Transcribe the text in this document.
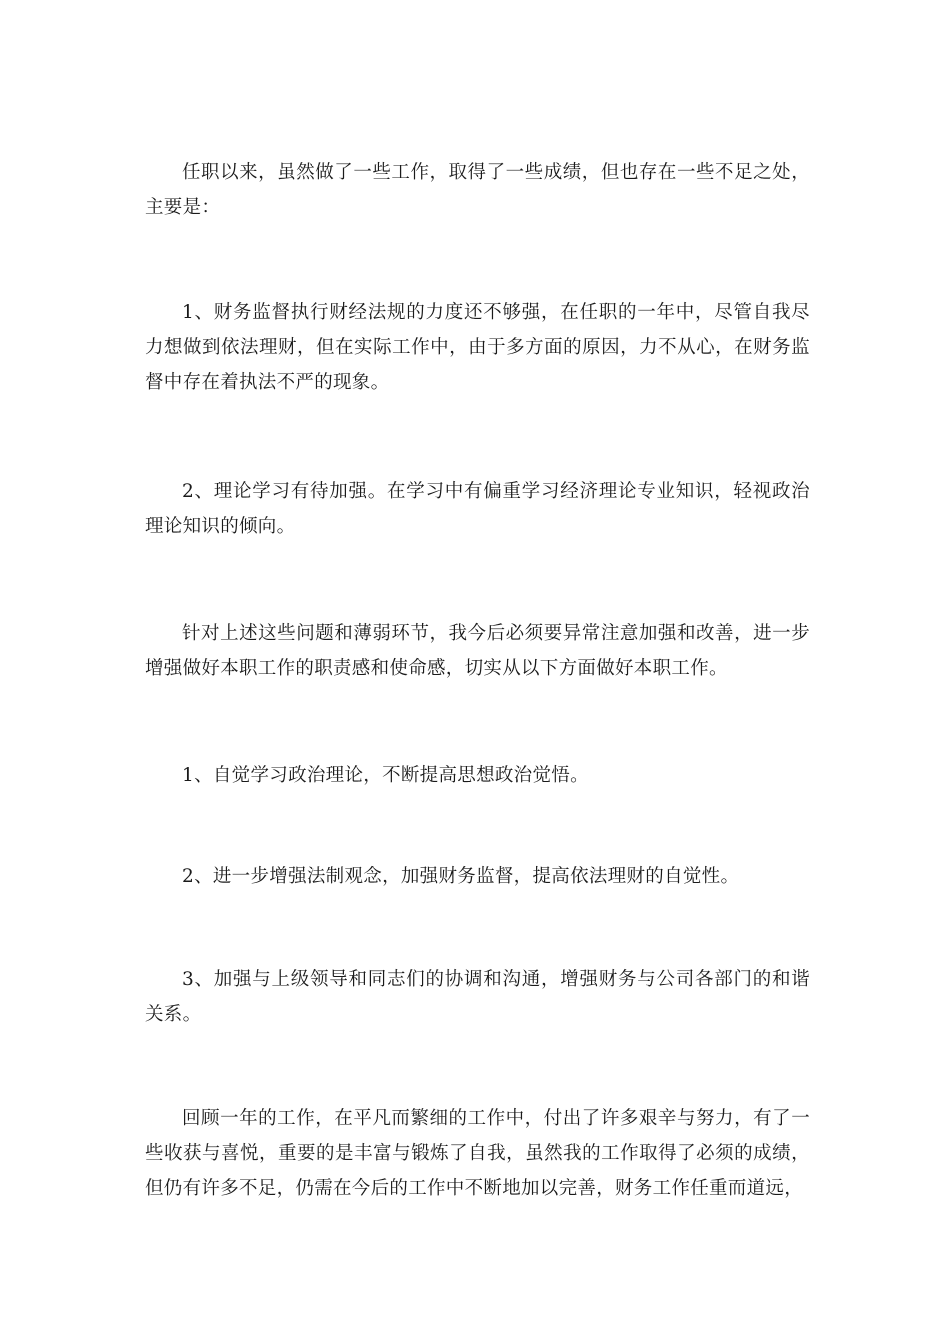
任职以来，虽然做了一些工作，取得了一些成绩，但也存在一些不足之处，主要是：

1、财务监督执行财经法规的力度还不够强，在任职的一年中，尽管自我尽力想做到依法理财，但在实际工作中，由于多方面的原因，力不从心，在财务监督中存在着执法不严的现象。

2、理论学习有待加强。在学习中有偏重学习经济理论专业知识，轻视政治理论知识的倾向。

针对上述这些问题和薄弱环节，我今后必须要异常注意加强和改善，进一步增强做好本职工作的职责感和使命感，切实从以下方面做好本职工作。

1、自觉学习政治理论，不断提高思想政治觉悟。

2、进一步增强法制观念，加强财务监督，提高依法理财的自觉性。

3、加强与上级领导和同志们的协调和沟通，增强财务与公司各部门的和谐关系。

回顾一年的工作，在平凡而繁细的工作中，付出了许多艰辛与努力，有了一些收获与喜悦，重要的是丰富与锻炼了自我，虽然我的工作取得了必须的成绩，但仍有许多不足，仍需在今后的工作中不断地加以完善，财务工作任重而道远，
